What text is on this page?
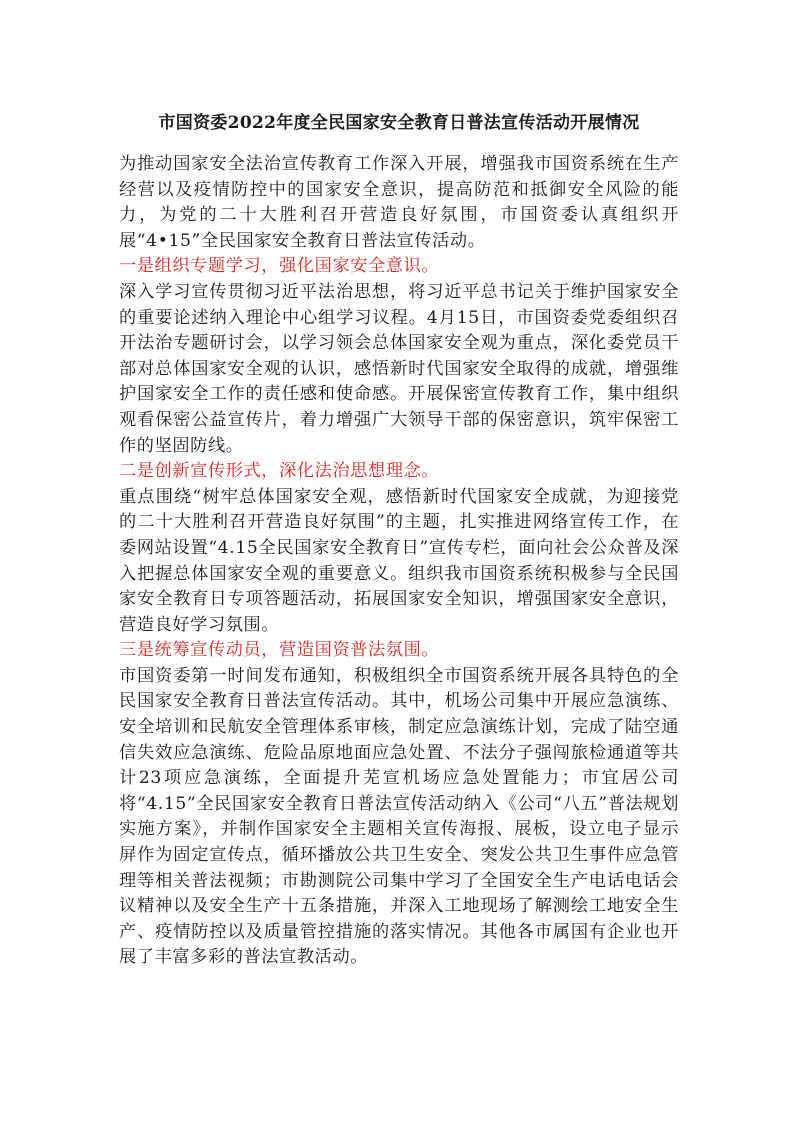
市国资委2022年度全民国家安全教育日普法宣传活动开展情况

为推动国家安全法治宣传教育工作深入开展，增强我市国资系统在生产经营以及疫情防控中的国家安全意识，提高防范和抵御安全风险的能力，为党的二十大胜利召开营造良好氛围，市国资委认真组织开展“4•15”全民国家安全教育日普法宣传活动。

一是组织专题学习，强化国家安全意识。

深入学习宣传贯彻习近平法治思想，将习近平总书记关于维护国家安全的重要论述纳入理论中心组学习议程。4月15日，市国资委党委组织召开法治专题研讨会，以学习领会总体国家安全观为重点，深化委党员干部对总体国家安全观的认识，感悟新时代国家安全取得的成就，增强维护国家安全工作的责任感和使命感。开展保密宣传教育工作，集中组织观看保密公益宣传片，着力增强广大领导干部的保密意识，筑牢保密工作的坚固防线。

二是创新宣传形式，深化法治思想理念。

重点围绕“树牢总体国家安全观，感悟新时代国家安全成就，为迎接党的二十大胜利召开营造良好氛围”的主题，扎实推进网络宣传工作，在委网站设置“4.15全民国家安全教育日”宣传专栏，面向社会公众普及深入把握总体国家安全观的重要意义。组织我市国资系统积极参与全民国家安全教育日专项答题活动，拓展国家安全知识，增强国家安全意识，营造良好学习氛围。

三是统筹宣传动员，营造国资普法氛围。

市国资委第一时间发布通知，积极组织全市国资系统开展各具特色的全民国家安全教育日普法宣传活动。其中，机场公司集中开展应急演练、安全培训和民航安全管理体系审核，制定应急演练计划，完成了陆空通信失效应急演练、危险品原地面应急处置、不法分子强闯旅检通道等共计23项应急演练，全面提升芜宣机场应急处置能力；市宜居公司将“4.15”全民国家安全教育日普法宣传活动纳入《公司“八五”普法规划实施方案》，并制作国家安全主题相关宣传海报、展板，设立电子显示屏作为固定宣传点，循环播放公共卫生安全、突发公共卫生事件应急管理等相关普法视频；市勘测院公司集中学习了全国安全生产电话电话会议精神以及安全生产十五条措施，并深入工地现场了解测绘工地安全生产、疫情防控以及质量管控措施的落实情况。其他各市属国有企业也开展了丰富多彩的普法宣教活动。
